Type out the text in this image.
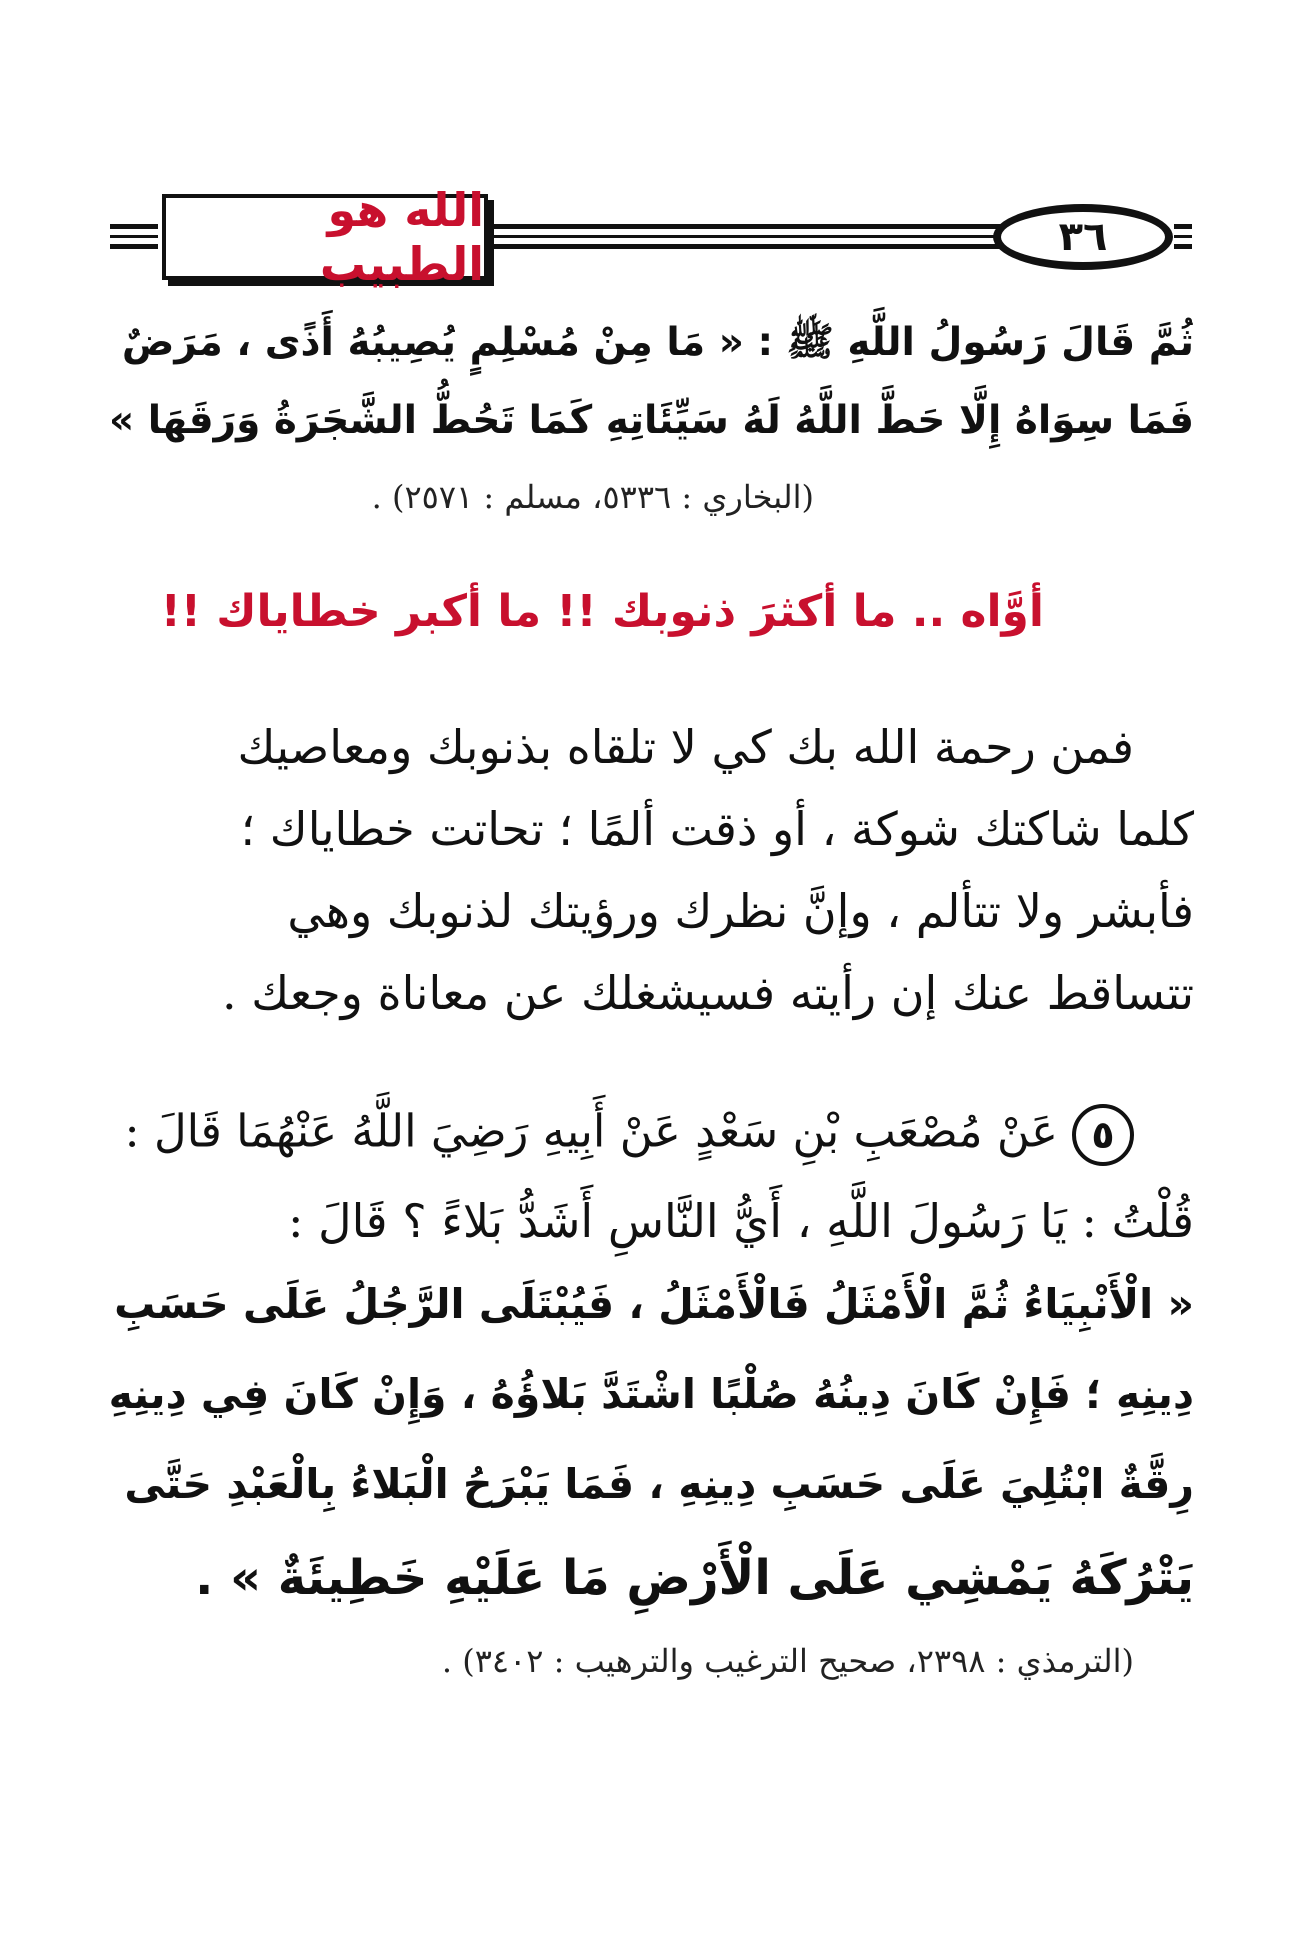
الله هو الطبيب	٣٦
ثُمَّ قَالَ رَسُولُ اللَّهِ ﷺ : « مَا مِنْ مُسْلِمٍ يُصِيبُهُ أَذًى ، مَرَضٌ
فَمَا سِوَاهُ إِلَّا حَطَّ اللَّهُ لَهُ سَيِّئَاتِهِ كَمَا تَحُطُّ الشَّجَرَةُ وَرَقَهَا »
(البخاري : ٥٣٣٦، مسلم : ٢٥٧١) .
أوَّاه .. ما أكثرَ ذنوبك !! ما أكبر خطاياك !!
فمن رحمة الله بك كي لا تلقاه بذنوبك ومعاصيك
كلما شاكتك شوكة ، أو ذقت ألمًا ؛ تحاتت خطاياك ؛
فأبشر ولا تتألم ، وإنَّ نظرك ورؤيتك لذنوبك وهي
تتساقط عنك إن رأيته فسيشغلك عن معاناة وجعك .
٥عَنْ مُصْعَبِ بْنِ سَعْدٍ عَنْ أَبِيهِ رَضِيَ اللَّهُ عَنْهُمَا قَالَ :
قُلْتُ : يَا رَسُولَ اللَّهِ ، أَيُّ النَّاسِ أَشَدُّ بَلاءً ؟ قَالَ :
« الْأَنْبِيَاءُ ثُمَّ الْأَمْثَلُ فَالْأَمْثَلُ ، فَيُبْتَلَى الرَّجُلُ عَلَى حَسَبِ
دِينِهِ ؛ فَإِنْ كَانَ دِينُهُ صُلْبًا اشْتَدَّ بَلاؤُهُ ، وَإِنْ كَانَ فِي دِينِهِ
رِقَّةٌ ابْتُلِيَ عَلَى حَسَبِ دِينِهِ ، فَمَا يَبْرَحُ الْبَلاءُ بِالْعَبْدِ حَتَّى
يَتْرُكَهُ يَمْشِي عَلَى الْأَرْضِ مَا عَلَيْهِ خَطِيئَةٌ » .
(الترمذي : ٢٣٩٨، صحيح الترغيب والترهيب : ٣٤٠٢) .
